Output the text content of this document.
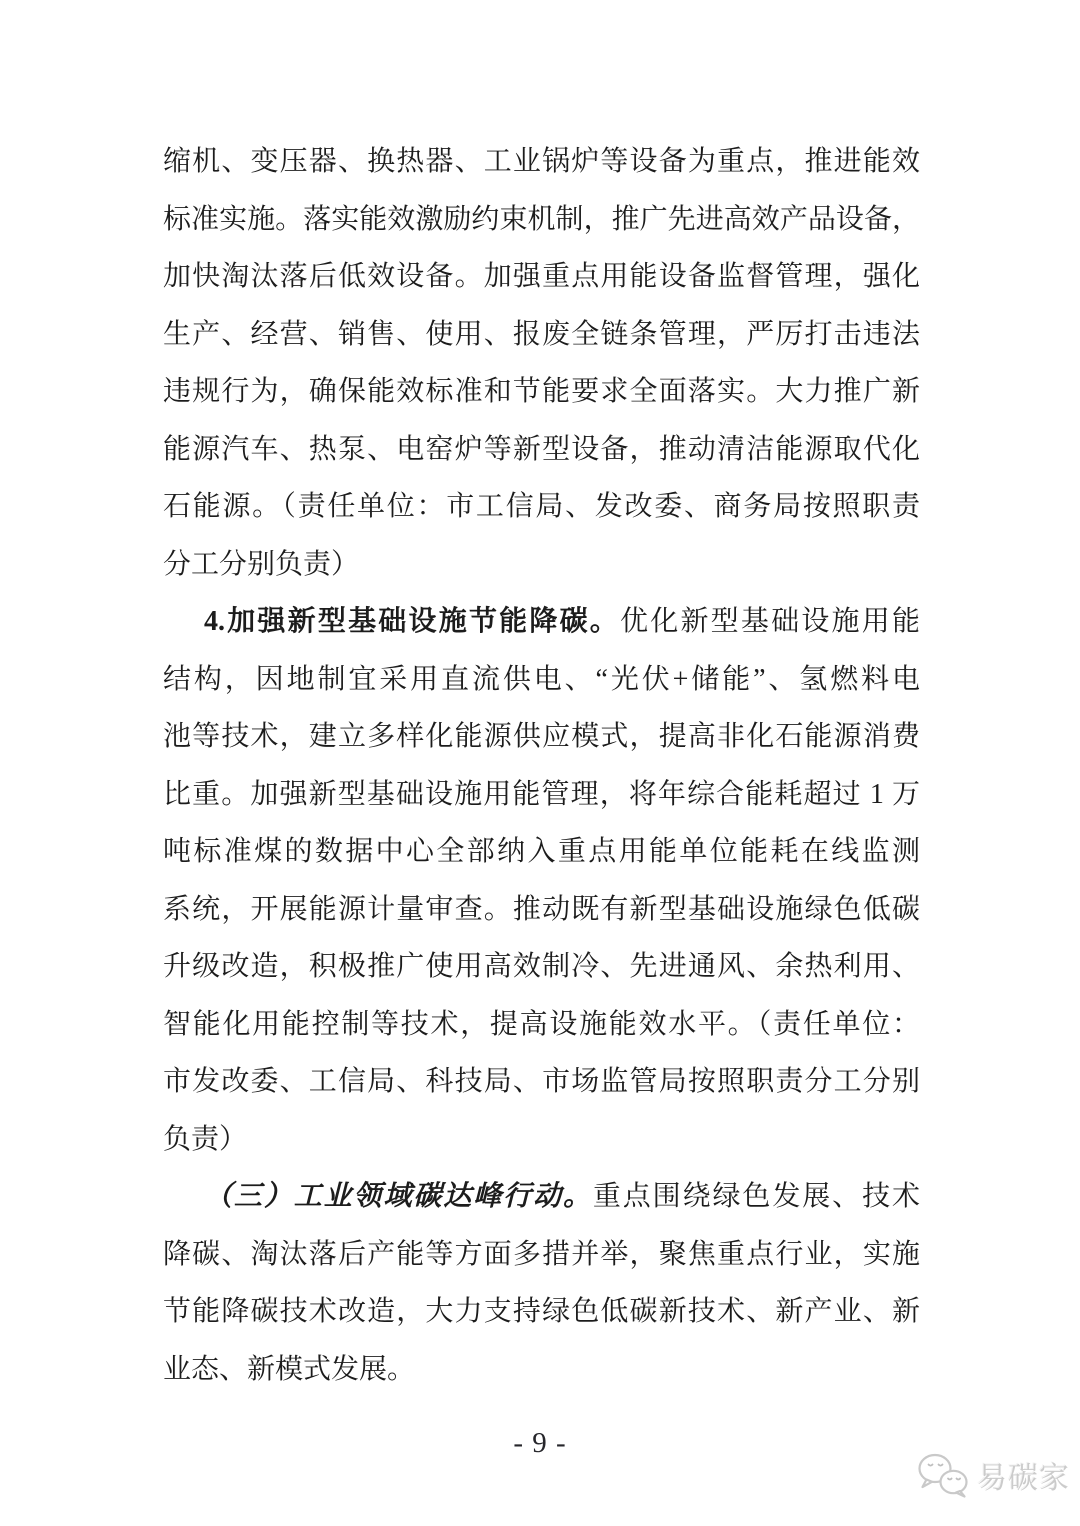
缩机、变压器、换热器、工业锅炉等设备为重点，推进能效
标准实施。落实能效激励约束机制，推广先进高效产品设备，
加快淘汰落后低效设备。加强重点用能设备监督管理，强化
生产、经营、销售、使用、报废全链条管理，严厉打击违法
违规行为，确保能效标准和节能要求全面落实。大力推广新
能源汽车、热泵、电窑炉等新型设备，推动清洁能源取代化
石能源。（责任单位：市工信局、发改委、商务局按照职责
分工分别负责）
4.加强新型基础设施节能降碳。优化新型基础设施用能
结构，因地制宜采用直流供电、“光伏+储能”、氢燃料电
池等技术，建立多样化能源供应模式，提高非化石能源消费
比重。加强新型基础设施用能管理，将年综合能耗超过 1 万
吨标准煤的数据中心全部纳入重点用能单位能耗在线监测
系统，开展能源计量审查。推动既有新型基础设施绿色低碳
升级改造，积极推广使用高效制冷、先进通风、余热利用、
智能化用能控制等技术，提高设施能效水平。（责任单位：
市发改委、工信局、科技局、市场监管局按照职责分工分别
负责）
（三）工业领域碳达峰行动。重点围绕绿色发展、技术
降碳、淘汰落后产能等方面多措并举，聚焦重点行业，实施
节能降碳技术改造，大力支持绿色低碳新技术、新产业、新
业态、新模式发展。
- 9 -
易碳家
